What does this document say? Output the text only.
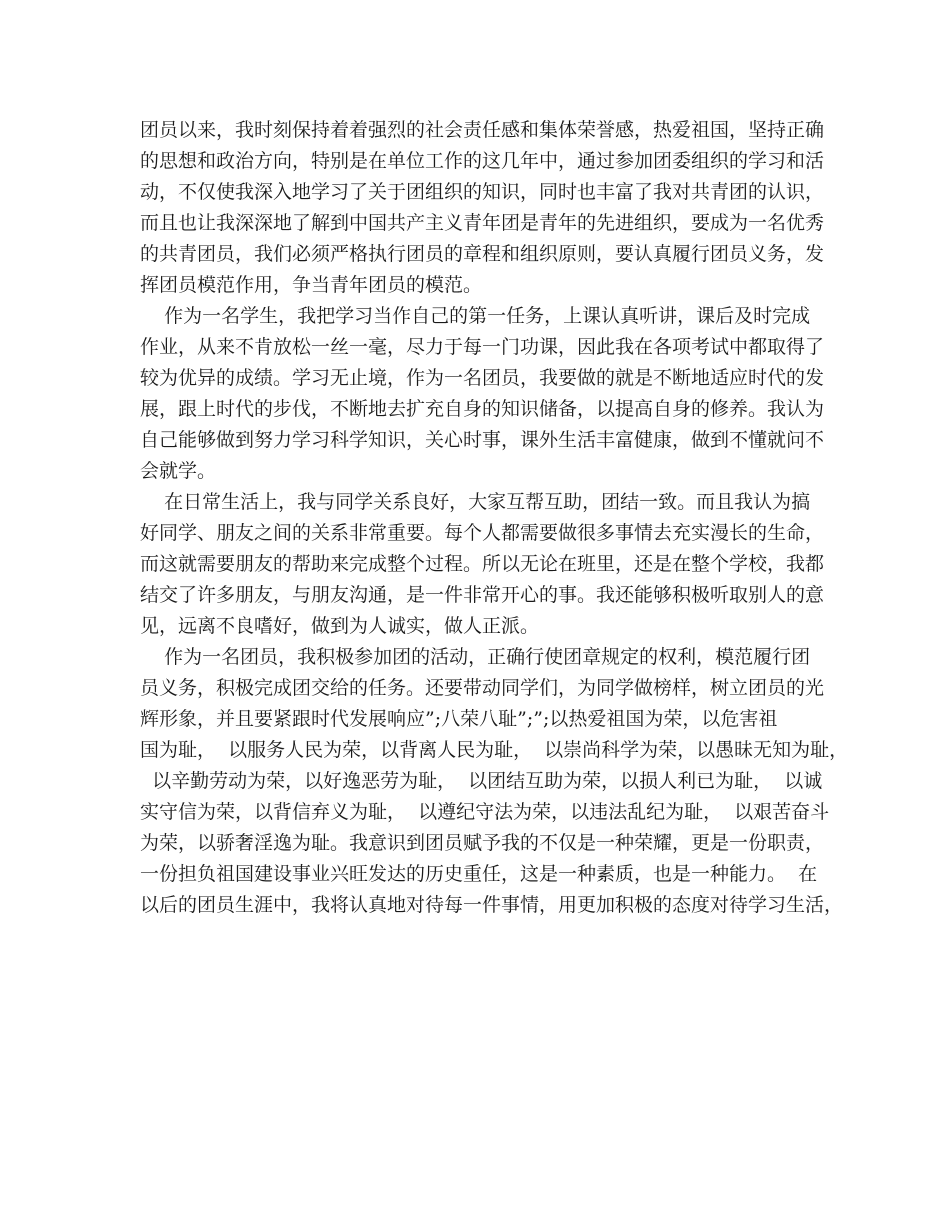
团员以来，我时刻保持着着强烈的社会责任感和集体荣誉感，热爱祖国，坚持正确
的思想和政治方向，特别是在单位工作的这几年中，通过参加团委组织的学习和活
动，不仅使我深入地学习了关于团组织的知识，同时也丰富了我对共青团的认识，
而且也让我深深地了解到中国共产主义青年团是青年的先进组织，要成为一名优秀
的共青团员，我们必须严格执行团员的章程和组织原则，要认真履行团员义务，发
挥团员模范作用，争当青年团员的模范。
作为一名学生，我把学习当作自己的第一任务，上课认真听讲，课后及时完成
作业，从来不肯放松一丝一毫，尽力于每一门功课，因此我在各项考试中都取得了
较为优异的成绩。学习无止境，作为一名团员，我要做的就是不断地适应时代的发
展，跟上时代的步伐，不断地去扩充自身的知识储备，以提高自身的修养。我认为
自己能够做到努力学习科学知识，关心时事，课外生活丰富健康，做到不懂就问不
会就学。
在日常生活上，我与同学关系良好，大家互帮互助，团结一致。而且我认为搞
好同学、朋友之间的关系非常重要。每个人都需要做很多事情去充实漫长的生命，
而这就需要朋友的帮助来完成整个过程。所以无论在班里，还是在整个学校，我都
结交了许多朋友，与朋友沟通，是一件非常开心的事。我还能够积极听取别人的意
见，远离不良嗜好，做到为人诚实，做人正派。
作为一名团员，我积极参加团的活动，正确行使团章规定的权利，模范履行团
员义务，积极完成团交给的任务。还要带动同学们，为同学做榜样，树立团员的光
辉形象，并且要紧跟时代发展响应”;八荣八耻”;”;以热爱祖国为荣，以危害祖
国为耻，  以服务人民为荣，以背离人民为耻，  以崇尚科学为荣，以愚昧无知为耻，
以辛勤劳动为荣，以好逸恶劳为耻，  以团结互助为荣，以损人利已为耻，  以诚
实守信为荣，以背信弃义为耻，  以遵纪守法为荣，以违法乱纪为耻，  以艰苦奋斗
为荣，以骄奢淫逸为耻。我意识到团员赋予我的不仅是一种荣耀，更是一份职责，
一份担负祖国建设事业兴旺发达的历史重任，这是一种素质，也是一种能力。  在
以后的团员生涯中，我将认真地对待每一件事情，用更加积极的态度对待学习生活，
